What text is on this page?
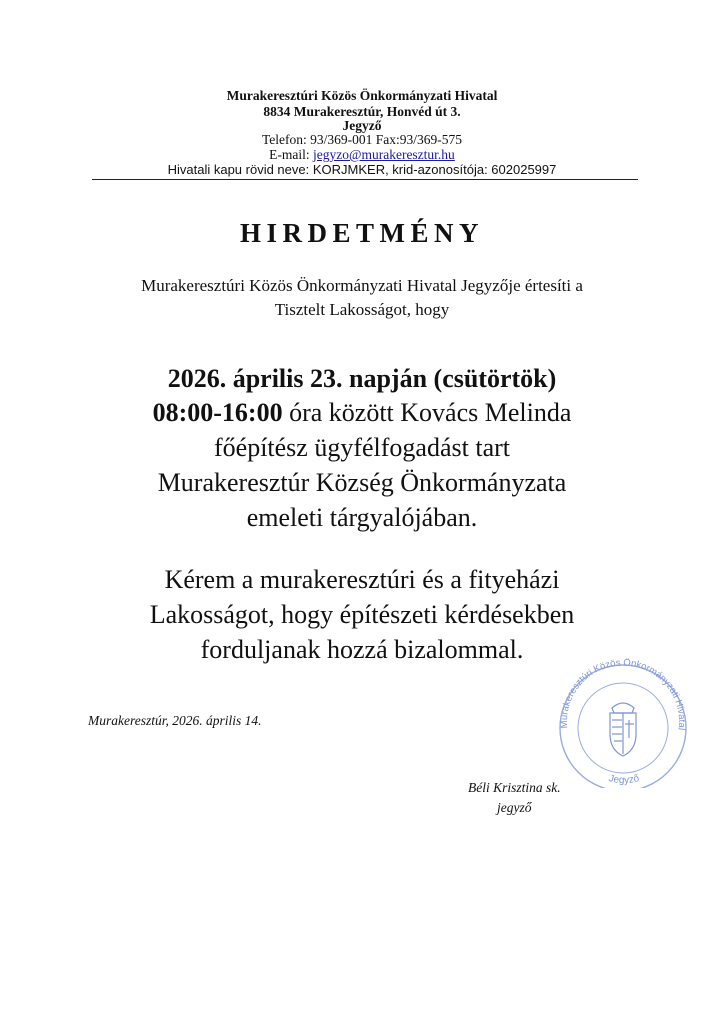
Murakeresztúri Közös Önkormányzati Hivatal
8834 Murakeresztúr, Honvéd út 3.
Jegyző
Telefon: 93/369-001 Fax:93/369-575
E-mail: jegyzo@murakeresztur.hu
Hivatali kapu rövid neve: KORJMKER, krid-azonosítója: 602025997
HIRDETMÉNY
Murakeresztúri Közös Önkormányzati Hivatal Jegyzője értesíti a
Tisztelt Lakosságot, hogy
2026. április 23. napján (csütörtök)
08:00-16:00 óra között Kovács Melinda
főépítész ügyfélfogadást tart
Murakeresztúr Község Önkormányzata
emeleti tárgyalójában.
Kérem a murakeresztúri és a fityeházi
Lakosságot, hogy építészeti kérdésekben
forduljanak hozzá bizalommal.
Murakeresztúr, 2026. április 14.	Murakeresztúri Közös Önkormányzati Hivatal
Jegyző
Béli Krisztina sk.
jegyző
